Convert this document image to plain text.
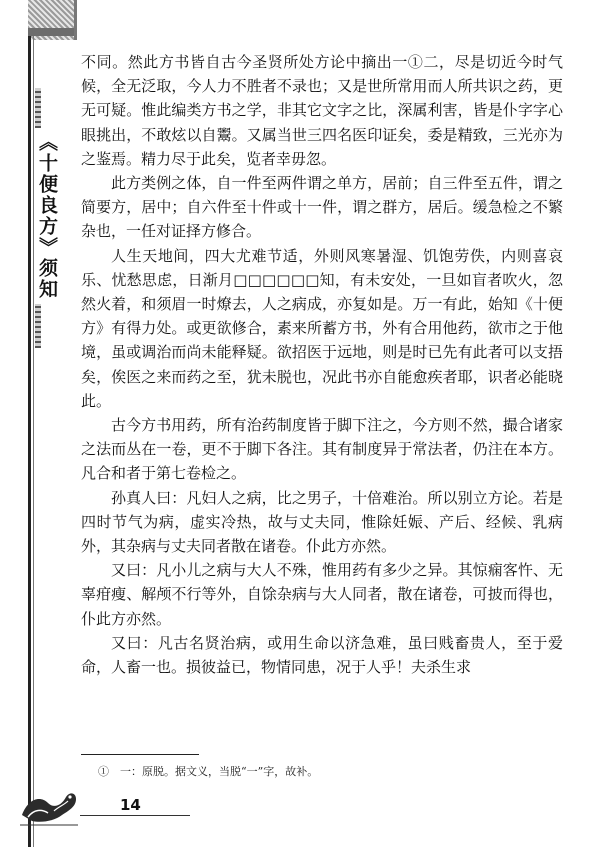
《十便良方》须知

不同。然此方书皆自古今圣贤所处方论中摘出一①二，尽是切近今时气候，全无泛取，今人力不胜者不录也；又是世所常用而人所共识之药，更无可疑。惟此编类方书之学，非其它文字之比，深属利害，皆是仆字字心眼挑出，不敢炫以自鬻。又属当世三四名医印证矣，委是精致，三光亦为之鉴焉。精力尽于此矣，览者幸毋忽。

此方类例之体，自一件至两件谓之单方，居前；自三件至五件，谓之简要方，居中；自六件至十件或十一件，谓之群方，居后。缓急检之不繁杂也，一任对证择方修合。

人生天地间，四大尤难节适，外则风寒暑湿、饥饱劳佚，内则喜哀乐、忧愁思虑，日渐月□□□□□□知，有未安处，一旦如盲者吹火，忽然火着，和须眉一时燎去，人之病成，亦复如是。万一有此，始知《十便方》有得力处。或更欲修合，素来所蓄方书，外有合用他药，欲市之于他境，虽或调治而尚未能释疑。欲招医于远地，则是时已先有此者可以支捂矣，俟医之来而药之至，犹未脱也，况此书亦自能愈疾者耶，识者必能晓此。

古今方书用药，所有治药制度皆于脚下注之，今方则不然，撮合诸家之法而丛在一卷，更不于脚下各注。其有制度异于常法者，仍注在本方。凡合和者于第七卷检之。

孙真人曰：凡妇人之病，比之男子，十倍难治。所以别立方论。若是四时节气为病，虚实冷热，故与丈夫同，惟除妊娠、产后、经候、乳病外，其杂病与丈夫同者散在诸卷。仆此方亦然。

又曰：凡小儿之病与大人不殊，惟用药有多少之异。其惊痫客忤、无辜疳瘦、解颅不行等外，自馀杂病与大人同者，散在诸卷，可披而得也，仆此方亦然。

又曰：凡古名贤治病，或用生命以济急难，虽曰贱畜贵人，至于爱命，人畜一也。损彼益已，物情同患，况于人乎！夫杀生求

①　一：原脱。据文义，当脱“一”字，故补。
14
